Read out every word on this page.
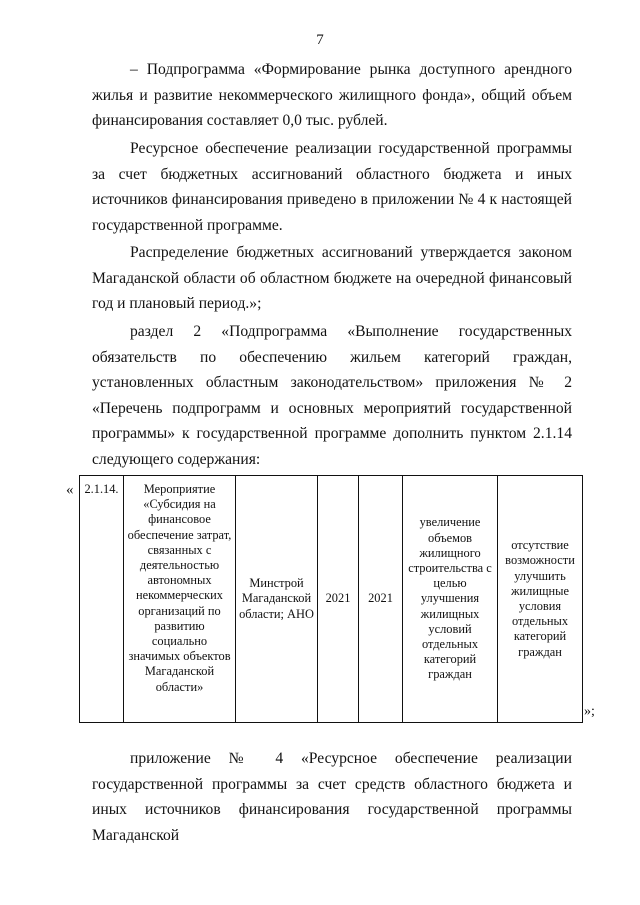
7

– Подпрограмма «Формирование рынка доступного арендного жилья и развитие некоммерческого жилищного фонда», общий объем финансирования составляет 0,0 тыс. рублей.

Ресурсное обеспечение реализации государственной программы за счет бюджетных ассигнований областного бюджета и иных источников финансирования приведено в приложении № 4 к настоящей государственной программе.

Распределение бюджетных ассигнований утверждается законом Магаданской области об областном бюджете на очередной финансовый год и плановый период.»;

раздел 2 «Подпрограмма «Выполнение государственных обязательств по обеспечению жильем категорий граждан, установленных областным законодательством» приложения № 2 «Перечень подпрограмм и основных мероприятий государственной программы» к государственной программе дополнить пунктом 2.1.14 следующего содержания:

« 2.1.14.	Мероприятие «Субсидия на финансовое обеспечение затрат, связанных с деятельностью автономных некоммерческих организаций по развитию социально значимых объектов Магаданской области»	Минстрой Магаданской области; АНО	2021	2021	увеличение объемов жилищного строительства с целью улучшения жилищных условий отдельных категорий граждан	отсутствие возможности улучшить жилищные условия отдельных категорий граждан
»;

приложение № 4 «Ресурсное обеспечение реализации государственной программы за счет средств областного бюджета и иных источников финансирования государственной программы Магаданской
